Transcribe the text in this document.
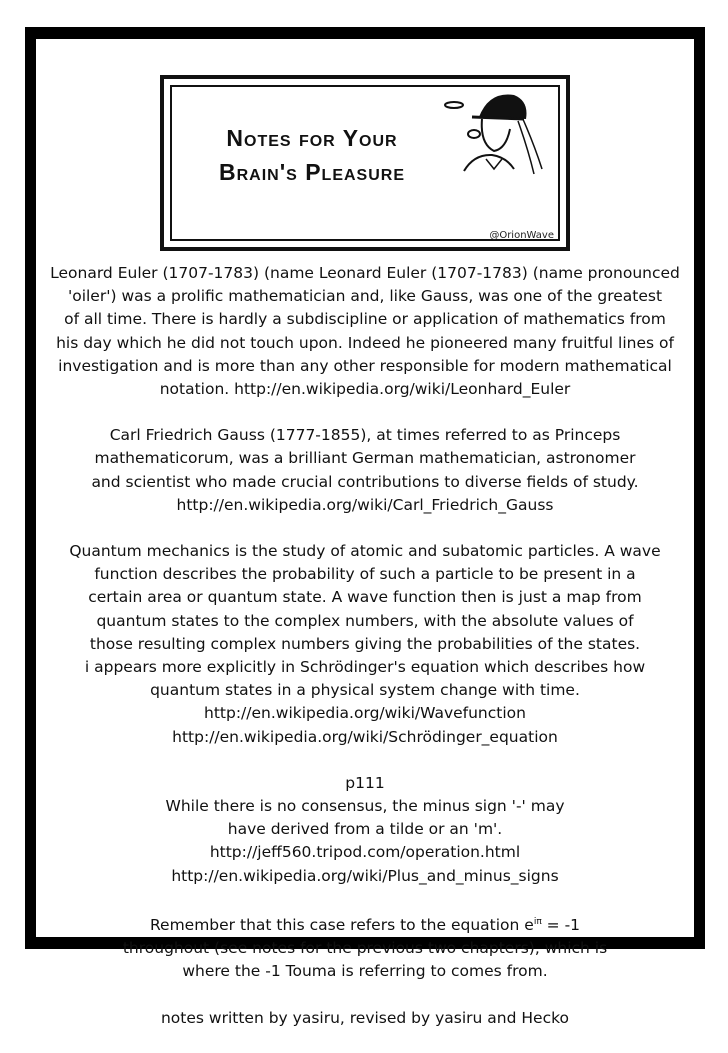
Notes for Your
Brain's Pleasure
@OrionWave
Leonard Euler (1707-1783) (name Leonard Euler (1707-1783) (name pronounced
'oiler') was a prolific mathematician and, like Gauss, was one of the greatest
of all time. There is hardly a subdiscipline or application of mathematics from
his day which he did not touch upon. Indeed he pioneered many fruitful lines of
investigation and is more than any other responsible for modern mathematical
notation. http://en.wikipedia.org/wiki/Leonhard_Euler
Carl Friedrich Gauss (1777-1855), at times referred to as Princeps
mathematicorum, was a brilliant German mathematician, astronomer
and scientist who made crucial contributions to diverse fields of study.
http://en.wikipedia.org/wiki/Carl_Friedrich_Gauss
Quantum mechanics is the study of atomic and subatomic particles. A wave
function describes the probability of such a particle to be present in a
certain area or quantum state. A wave function then is just a map from
quantum states to the complex numbers, with the absolute values of
those resulting complex numbers giving the probabilities of the states.
i appears more explicitly in Schrödinger's equation which describes how
quantum states in a physical system change with time.
http://en.wikipedia.org/wiki/Wavefunction
http://en.wikipedia.org/wiki/Schrödinger_equation
p111
While there is no consensus, the minus sign '-' may
have derived from a tilde or an 'm'.
http://jeff560.tripod.com/operation.html
http://en.wikipedia.org/wiki/Plus_and_minus_signs
Remember that this case refers to the equation $e^{i\pi} = -1$
throughout (see notes for the previous two chapters), which is
where the -1 Touma is referring to comes from.
notes written by yasiru, revised by yasiru and Hecko
